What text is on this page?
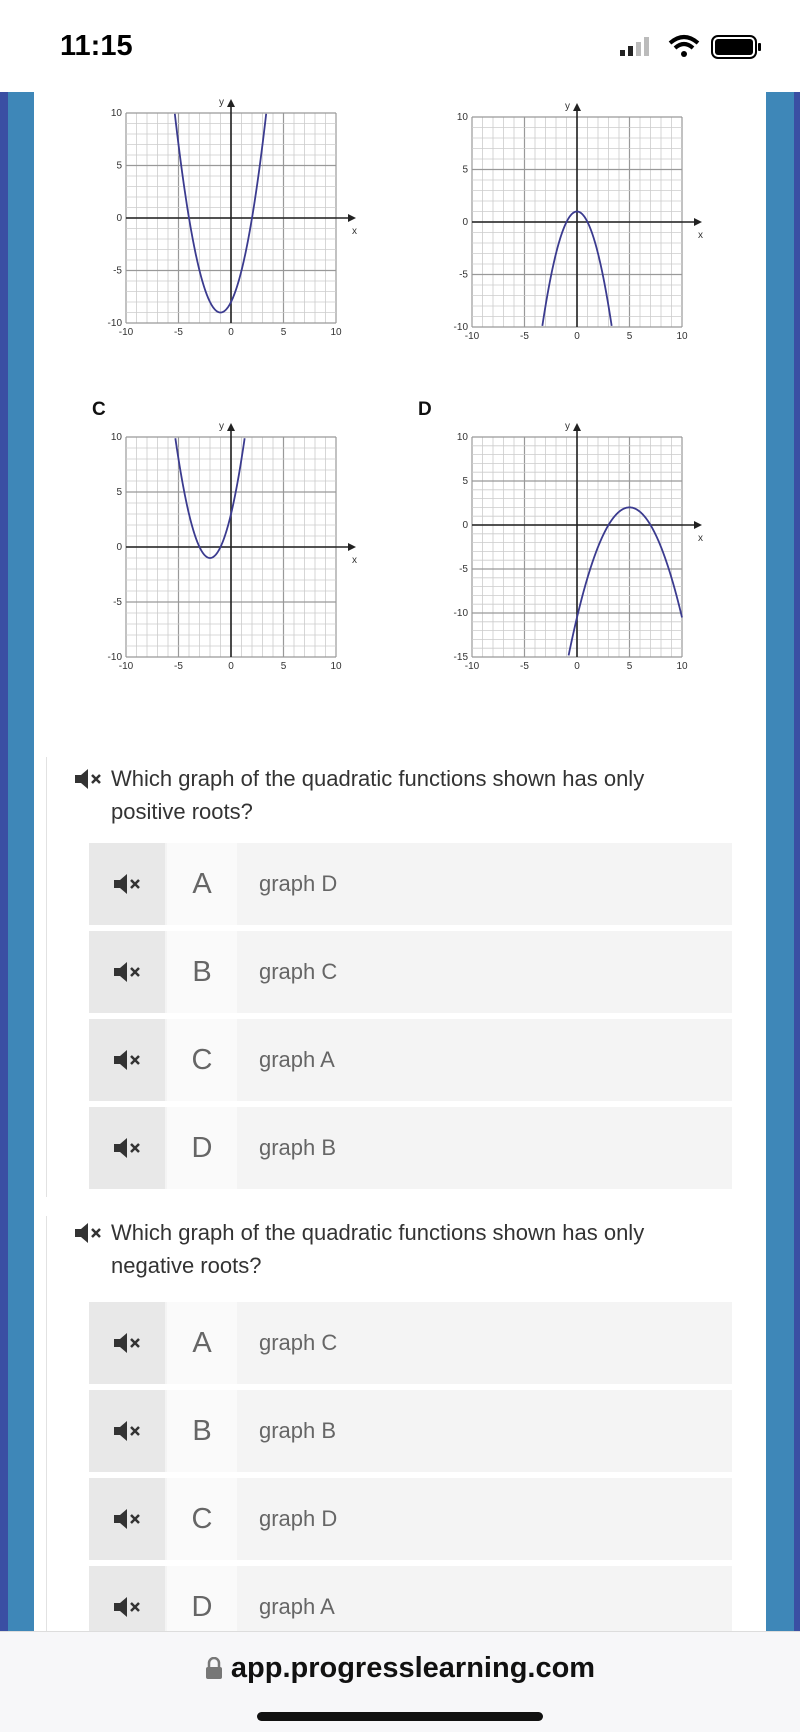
11:15
x
y
10
5
0
-5
-10
-10	-5	0	5	10
x
y
10
5
0
-5
-10
-10	-5	0	5	10
C	D
x
y
10
5
0
-5
-10
-10	-5	0	5	10
x
y
10
5
0
-5
-10
-15
-10	-5	0	5	10
Which graph of the quadratic functions shown has only positive roots?
A	graph D
B	graph C
C	graph A
D	graph B
Which graph of the quadratic functions shown has only negative roots?
A	graph C
B	graph B
C	graph D
D	graph A
app.progresslearning.com
